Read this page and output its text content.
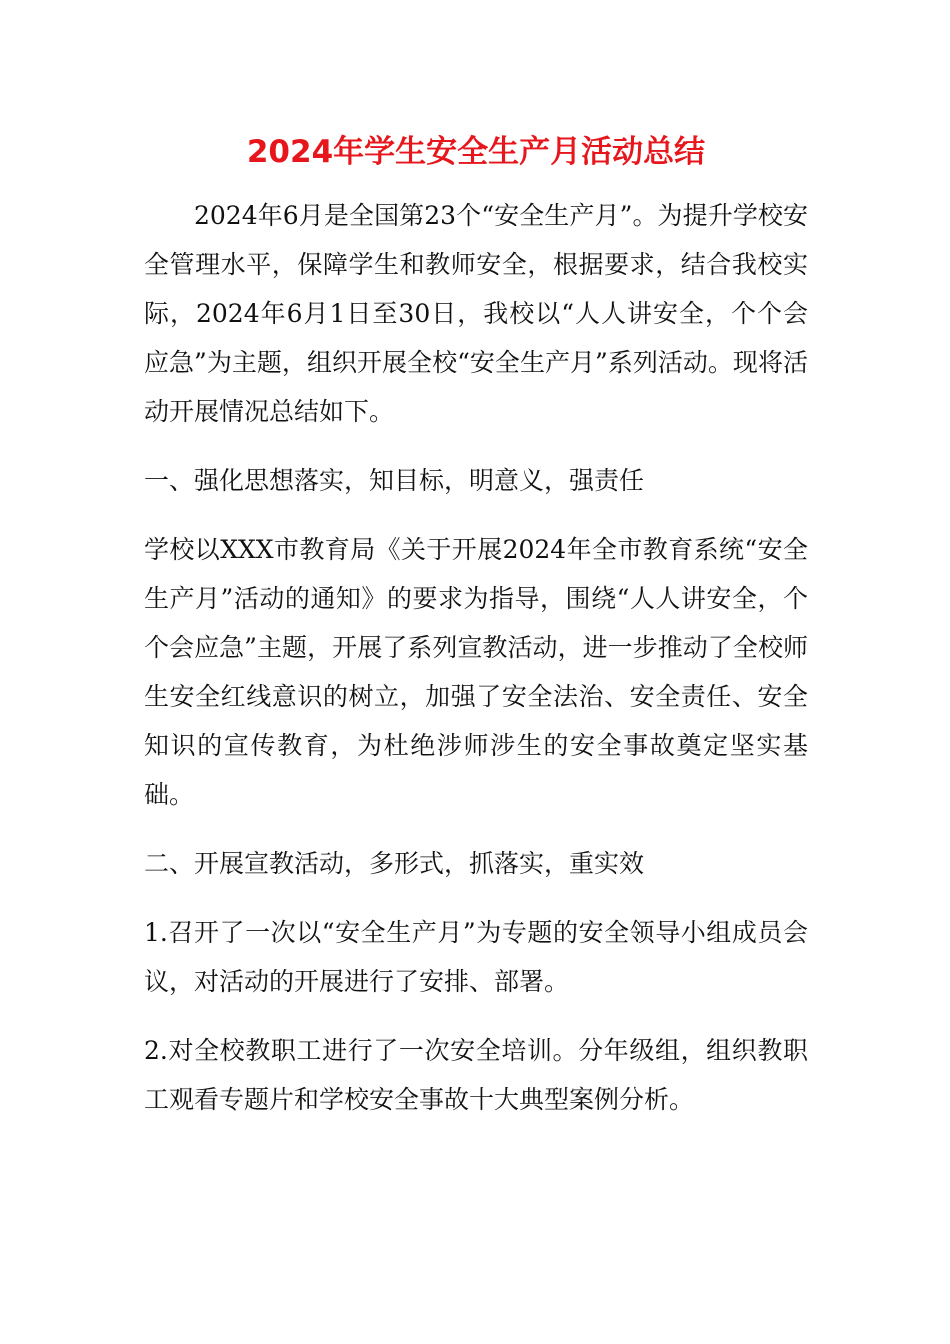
2024年学生安全生产月活动总结

2024年6月是全国第23个“安全生产月”。为提升学校安全管理水平，保障学生和教师安全，根据要求，结合我校实际，2024年6月1日至30日，我校以“人人讲安全，个个会应急”为主题，组织开展全校“安全生产月”系列活动。现将活动开展情况总结如下。

一、强化思想落实，知目标，明意义，强责任

学校以XXX市教育局《关于开展2024年全市教育系统“安全生产月”活动的通知》的要求为指导，围绕“人人讲安全，个个会应急”主题，开展了系列宣教活动，进一步推动了全校师生安全红线意识的树立，加强了安全法治、安全责任、安全知识的宣传教育，为杜绝涉师涉生的安全事故奠定坚实基础。

二、开展宣教活动，多形式，抓落实，重实效

1.召开了一次以“安全生产月”为专题的安全领导小组成员会议，对活动的开展进行了安排、部署。

2.对全校教职工进行了一次安全培训。分年级组，组织教职工观看专题片和学校安全事故十大典型案例分析。
